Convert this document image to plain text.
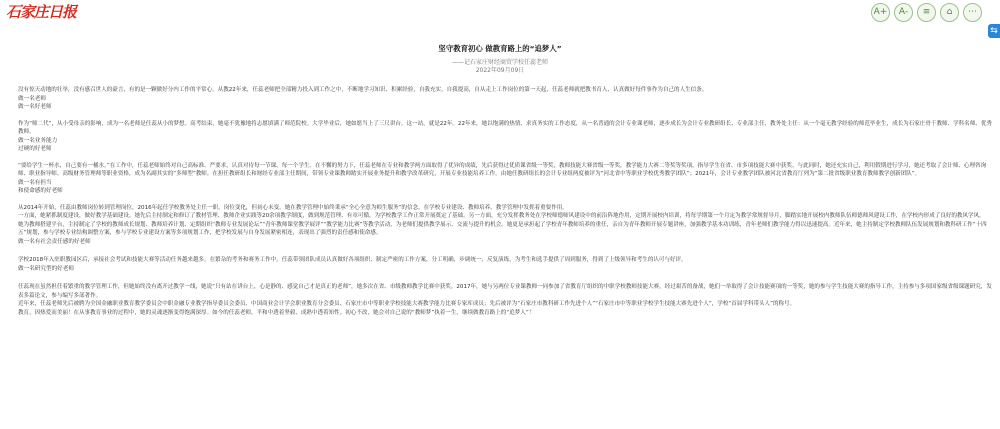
石家庄日报	A+	A-	≡	⌂	⋯
⇆
坚守教育初心 做教育路上的“追梦人”
——记石家庄财经商贸学校任蕊老师
2022年09月09日

没有惊天动地的壮举，没有感召世人的豪言，有的是一颗做好分内工作的平常心。从教22年来，任蕊老师把全部精力投入到工作之中，不断地学习知识、积累经验，自我充实，自我提高，自从走上工作岗位的第一天起，任蕊老师就把教书育人、认真做好每件事作为自己的人生信条。

做一名老师

做一名好老师

作为“师二代”，从小受母亲的影响，成为一名老师是任蕊从小的梦想。高考结束，她毫不犹豫地将志愿填满了师范院校。大学毕业后，她如愿当上了三尺讲台。这一站，就是22年。22年来，她以饱满的热情、求真务实的工作态度，从一名普通的会计专业课老师，逐步成长为会计专业教研组长、专业部主任、教务处主任：从一个毫无教学经验的师范毕业生，成长为石家庄骨干教师、学科名师、优秀教师。

做一名业务能力

过硬的好老师

“要给学生一杯水，自己要有一桶水。”在工作中，任蕊老师始终对自己高标准、严要求，认真对待每一节课、每一个学生。在不懈的努力下，任蕊老师在专业和教学两方面取得了优异的成绩，先后获得过优质课省级一等奖，教师技能大赛省级一等奖，教学能力大赛二等奖等奖项，指导学生在省、市多项技能大赛中获奖。与此同时，她还充实自己，利用假期进行学习，她还考取了会计师、心理咨询师、职业指导师、高级财务管理师等职业资格，成为名副其实的“多师型”教师。在担任教研组长和财经专业部主任期间，带领专业课教师踏实开展业务提升和教学改革研究，开展专业技能培养工作。由她任教研组长的会计专业组两度被评为“河北省中等职业学校优秀教学团队”；2021年，会计专业教学团队被河北省教育厅列为“第二批省级职业教育教师教学创新团队”。

做一名有担当

和使命感的好老师

从2014年开始，任蕊由教师岗位转到管理岗位，2016年起任学校教务处主任一职。岗位变化，但初心未变。她在教学管理中始终秉承“全心全意为师生服务”的信念，在学校专业建设、教师培养、教学管理中发挥着重要作用。

一方面，她紧抓制度建设，做好教学基础建设。她先后主持制定和修订了教材管理、教师企业实践等20余项教学制度，做到规范管理、有章可循，为学校教学工作正常开展奠定了基础。另一方面，充分发挥教务处在学校师德师风建设中的前沿阵地作用，定期开展校内培训，将每学期第一个月定为教学常规督导月，脚踏实地开展校内教师队伍师德师风建设工作，在学校内形成了良好的教风学风。

她为教师搭建平台，主持制定了学校的教师成长规划、教师培养计划、定期组织“教师专业发展论坛”“青年教师课堂教学展评”“教学能力比赛”等教学活动，为老师们提供教学展示、交流与提升的机会。她更是承担起了学校青年教师培养的重任，亲自为青年教师开展专题讲座，加强教学基本功训练，青年老师们教学能力得以迅速提高。近年来，她主持制定学校教师队伍发展规划和教科研工作“十四五”规划，参与学校专业结构调整方案，参与学校专业建设方案等多项规划工作，把学校发展与自身发展紧密相连，表现出了强烈的责任感和使命感。

做一名有社会责任感的好老师

学校2018年入驻职教园区后，承接社会考试和技能大赛等活动任务越来越多。在繁杂的考务和赛务工作中，任蕊带领团队成员认真做好各项组织、制定严密的工作方案，分工明确，步调统一，反复演练，为考生和选手提供了周到服务，得到了上级领导和考生的认可与好评。

做一名研究型的好老师

任蕊现在虽然担任着繁重的教学管理工作，但她始终没有离开过教学一线，她说“只有站在讲台上，心是静的、感觉自己才是真正的老师”，她多次在省、市级教师教学比赛中获奖。2017年，她与另两位专业课教师一同参加了省教育厅组织的中职学校教师技能大赛，经过艰苦的备战，她们一举取得了会计技能赛项的一等奖，她的参与学生技能大赛的指导工作，主持参与多项国家级省级课题研究，发表多篇论文，参与编写多部著作。

近年来，任蕊老师先后被聘为全国金融职业教育教学委员会中职金融专业教学指导委员会委员、中国商业会计学会职业教育分会委员、石家庄市中等职业学校技能大赛教学能力比赛专家库成员；先后被评为“石家庄市教科研工作先进个人”“石家庄市中等职业学校学生技能大赛先进个人”，学校“首届学科带头人”的称号。

教育，因热爱而美丽！在从事教育事业的过程中，她的灵魂逐渐变得饱满深厚。如今的任蕊老师，平和中透着坚毅、成熟中透着知性。初心不改，她会对自己说的“教师梦”执着一生，继续做教育路上的“追梦人”！
